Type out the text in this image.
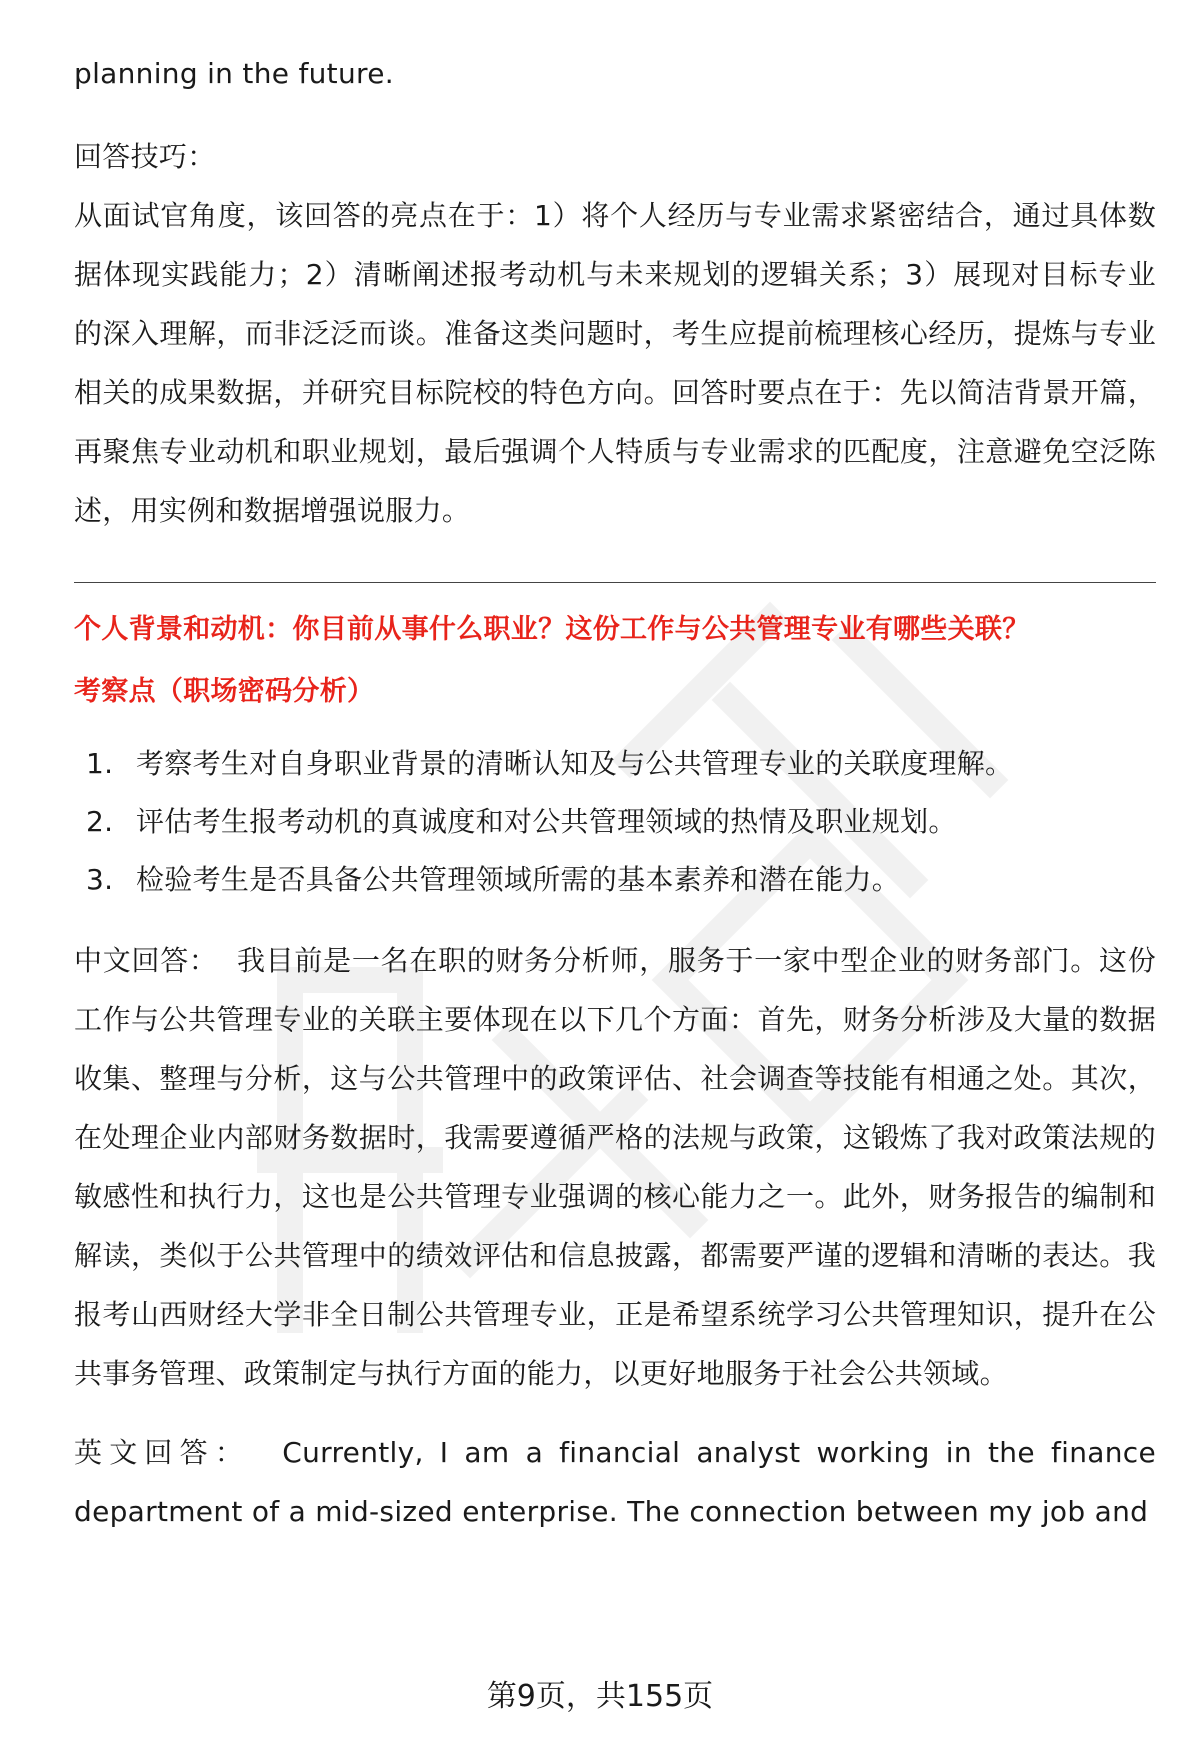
planning in the future.

回答技巧：

从面试官角度，该回答的亮点在于：1）将个人经历与专业需求紧密结合，通过具体数据体现实践能力；2）清晰阐述报考动机与未来规划的逻辑关系；3）展现对目标专业的深入理解，而非泛泛而谈。准备这类问题时，考生应提前梳理核心经历，提炼与专业相关的成果数据，并研究目标院校的特色方向。回答时要点在于：先以简洁背景开篇，再聚焦专业动机和职业规划，最后强调个人特质与专业需求的匹配度，注意避免空泛陈述，用实例和数据增强说服力。

个人背景和动机：你目前从事什么职业？这份工作与公共管理专业有哪些关联？

考察点（职场密码分析）

1. 考察考生对自身职业背景的清晰认知及与公共管理专业的关联度理解。
2. 评估考生报考动机的真诚度和对公共管理领域的热情及职业规划。
3. 检验考生是否具备公共管理领域所需的基本素养和潜在能力。

中文回答： 我目前是一名在职的财务分析师，服务于一家中型企业的财务部门。这份工作与公共管理专业的关联主要体现在以下几个方面：首先，财务分析涉及大量的数据收集、整理与分析，这与公共管理中的政策评估、社会调查等技能有相通之处。其次，在处理企业内部财务数据时，我需要遵循严格的法规与政策，这锻炼了我对政策法规的敏感性和执行力，这也是公共管理专业强调的核心能力之一。此外，财务报告的编制和解读，类似于公共管理中的绩效评估和信息披露，都需要严谨的逻辑和清晰的表达。我报考山西财经大学非全日制公共管理专业，正是希望系统学习公共管理知识，提升在公共事务管理、政策制定与执行方面的能力，以更好地服务于社会公共领域。

英文回答： Currently, I am a financial analyst working in the finance department of a mid-sized enterprise. The connection between my job and

第9页，共155页
